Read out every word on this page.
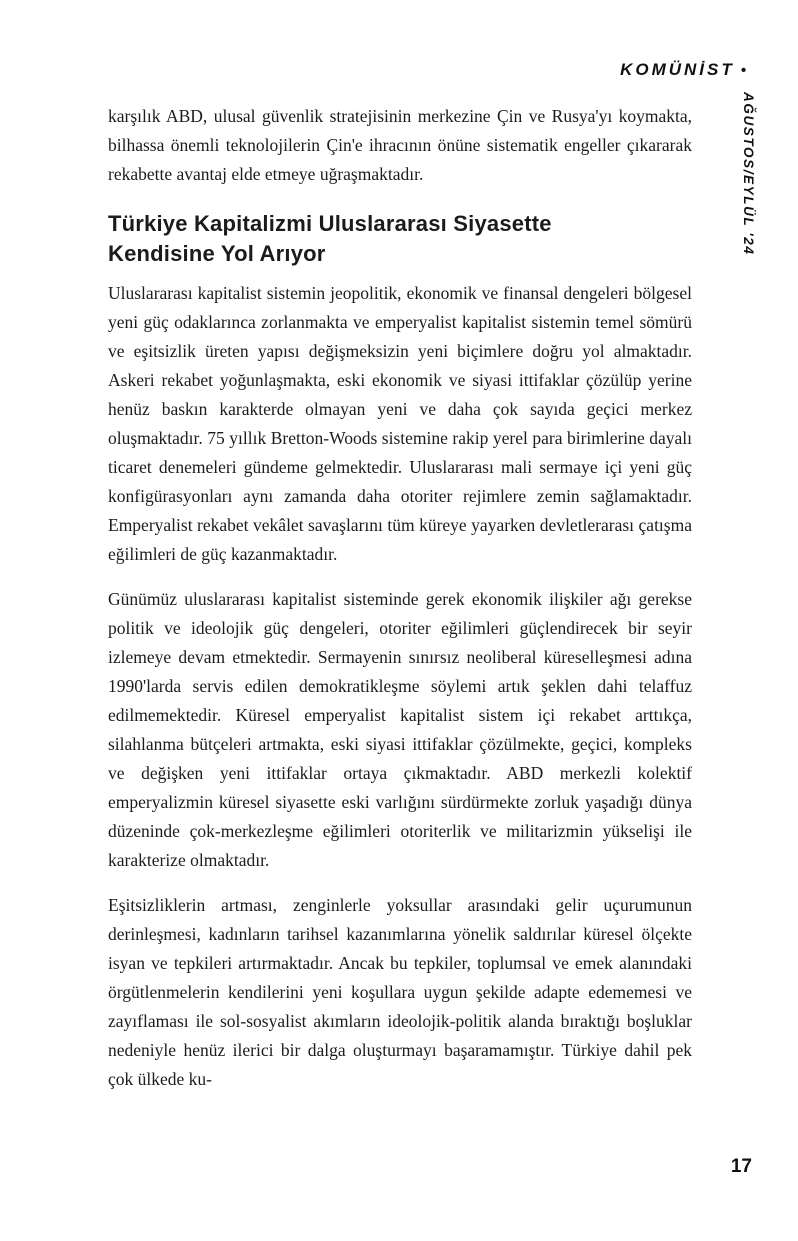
KOMÜNİST •
AĞUSTOS/EYLÜL '24

karşılık ABD, ulusal güvenlik stratejisinin merkezine Çin ve Rusya'yı koymakta, bilhassa önemli teknolojilerin Çin'e ihracının önüne sistematik engeller çıkararak rekabette avantaj elde etmeye uğraşmaktadır.

Türkiye Kapitalizmi Uluslararası Siyasette
Kendisine Yol Arıyor

Uluslararası kapitalist sistemin jeopolitik, ekonomik ve finansal dengeleri bölgesel yeni güç odaklarınca zorlanmakta ve emperyalist kapitalist sistemin temel sömürü ve eşitsizlik üreten yapısı değişmeksizin yeni biçimlere doğru yol almaktadır. Askeri rekabet yoğunlaşmakta, eski ekonomik ve siyasi ittifaklar çözülüp yerine henüz baskın karakterde olmayan yeni ve daha çok sayıda geçici merkez oluşmaktadır. 75 yıllık Bretton-Woods sistemine rakip yerel para birimlerine dayalı ticaret denemeleri gündeme gelmektedir. Uluslararası mali sermaye içi yeni güç konfigürasyonları aynı zamanda daha otoriter rejimlere zemin sağlamaktadır. Emperyalist rekabet vekâlet savaşlarını tüm küreye yayarken devletlerarası çatışma eğilimleri de güç kazanmaktadır.

Günümüz uluslararası kapitalist sisteminde gerek ekonomik ilişkiler ağı gerekse politik ve ideolojik güç dengeleri, otoriter eğilimleri güçlendirecek bir seyir izlemeye devam etmektedir. Sermayenin sınırsız neoliberal küreselleşmesi adına 1990'larda servis edilen demokratikleşme söylemi artık şeklen dahi telaffuz edilmemektedir. Küresel emperyalist kapitalist sistem içi rekabet arttıkça, silahlanma bütçeleri artmakta, eski siyasi ittifaklar çözülmekte, geçici, kompleks ve değişken yeni ittifaklar ortaya çıkmaktadır. ABD merkezli kolektif emperyalizmin küresel siyasette eski varlığını sürdürmekte zorluk yaşadığı dünya düzeninde çok-merkezleşme eğilimleri otoriterlik ve militarizmin yükselişi ile karakterize olmaktadır.

Eşitsizliklerin artması, zenginlerle yoksullar arasındaki gelir uçurumunun derinleşmesi, kadınların tarihsel kazanımlarına yönelik saldırılar küresel ölçekte isyan ve tepkileri artırmaktadır. Ancak bu tepkiler, toplumsal ve emek alanındaki örgütlenmelerin kendilerini yeni koşullara uygun şekilde adapte edememesi ve zayıflaması ile sol-sosyalist akımların ideolojik-politik alanda bıraktığı boşluklar nedeniyle henüz ilerici bir dalga oluşturmayı başaramamıştır. Türkiye dahil pek çok ülkede ku-

17
